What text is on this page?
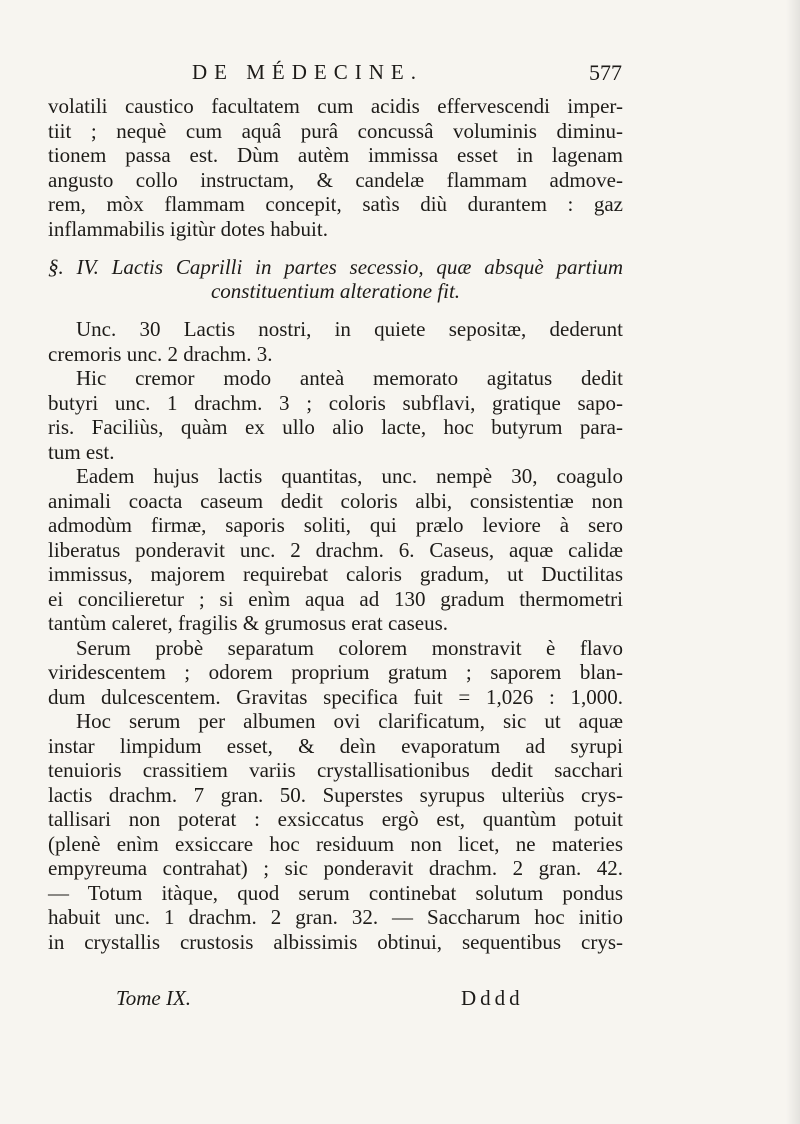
DE MÉDECINE.	577
volatili caustico facultatem cum acidis effervescendi imper-
tiit ; nequè cum aquâ purâ concussâ voluminis diminu-
tionem passa est. Dùm autèm immissa esset in lagenam
angusto collo instructam, & candelæ flammam admove-
rem, mòx flammam concepit, satìs diù durantem : gaz
inflammabilis igitùr dotes habuit.
§. IV. Lactis Caprilli in partes secessio, quæ absquè partium
constituentium alteratione fit.
Unc. 30 Lactis nostri, in quiete sepositæ, dederunt
cremoris unc. 2 drachm. 3.
Hic cremor modo anteà memorato agitatus dedit
butyri unc. 1 drachm. 3 ; coloris subflavi, gratique sapo-
ris. Faciliùs, quàm ex ullo alio lacte, hoc butyrum para-
tum est.
Eadem hujus lactis quantitas, unc. nempè 30, coagulo
animali coacta caseum dedit coloris albi, consistentiæ non
admodùm firmæ, saporis soliti, qui prælo leviore à sero
liberatus ponderavit unc. 2 drachm. 6. Caseus, aquæ calidæ
immissus, majorem requirebat caloris gradum, ut Ductilitas
ei concilieretur ; si enìm aqua ad 130 gradum thermometri
tantùm caleret, fragilis & grumosus erat caseus.
Serum probè separatum colorem monstravit è flavo
viridescentem ; odorem proprium gratum ; saporem blan-
dum dulcescentem. Gravitas specifica fuit = 1,026 : 1,000.
Hoc serum per albumen ovi clarificatum, sic ut aquæ
instar limpidum esset, & deìn evaporatum ad syrupi
tenuioris crassitiem variis crystallisationibus dedit sacchari
lactis drachm. 7 gran. 50. Superstes syrupus ulteriùs crys-
tallisari non poterat : exsiccatus ergò est, quantùm potuit
(plenè enìm exsiccare hoc residuum non licet, ne materies
empyreuma contrahat) ; sic ponderavit drachm. 2 gran. 42.
— Totum itàque, quod serum continebat solutum pondus
habuit unc. 1 drachm. 2 gran. 32. — Saccharum hoc initio
in crystallis crustosis albissimis obtinui, sequentibus crys-
Tome IX.	Dddd
